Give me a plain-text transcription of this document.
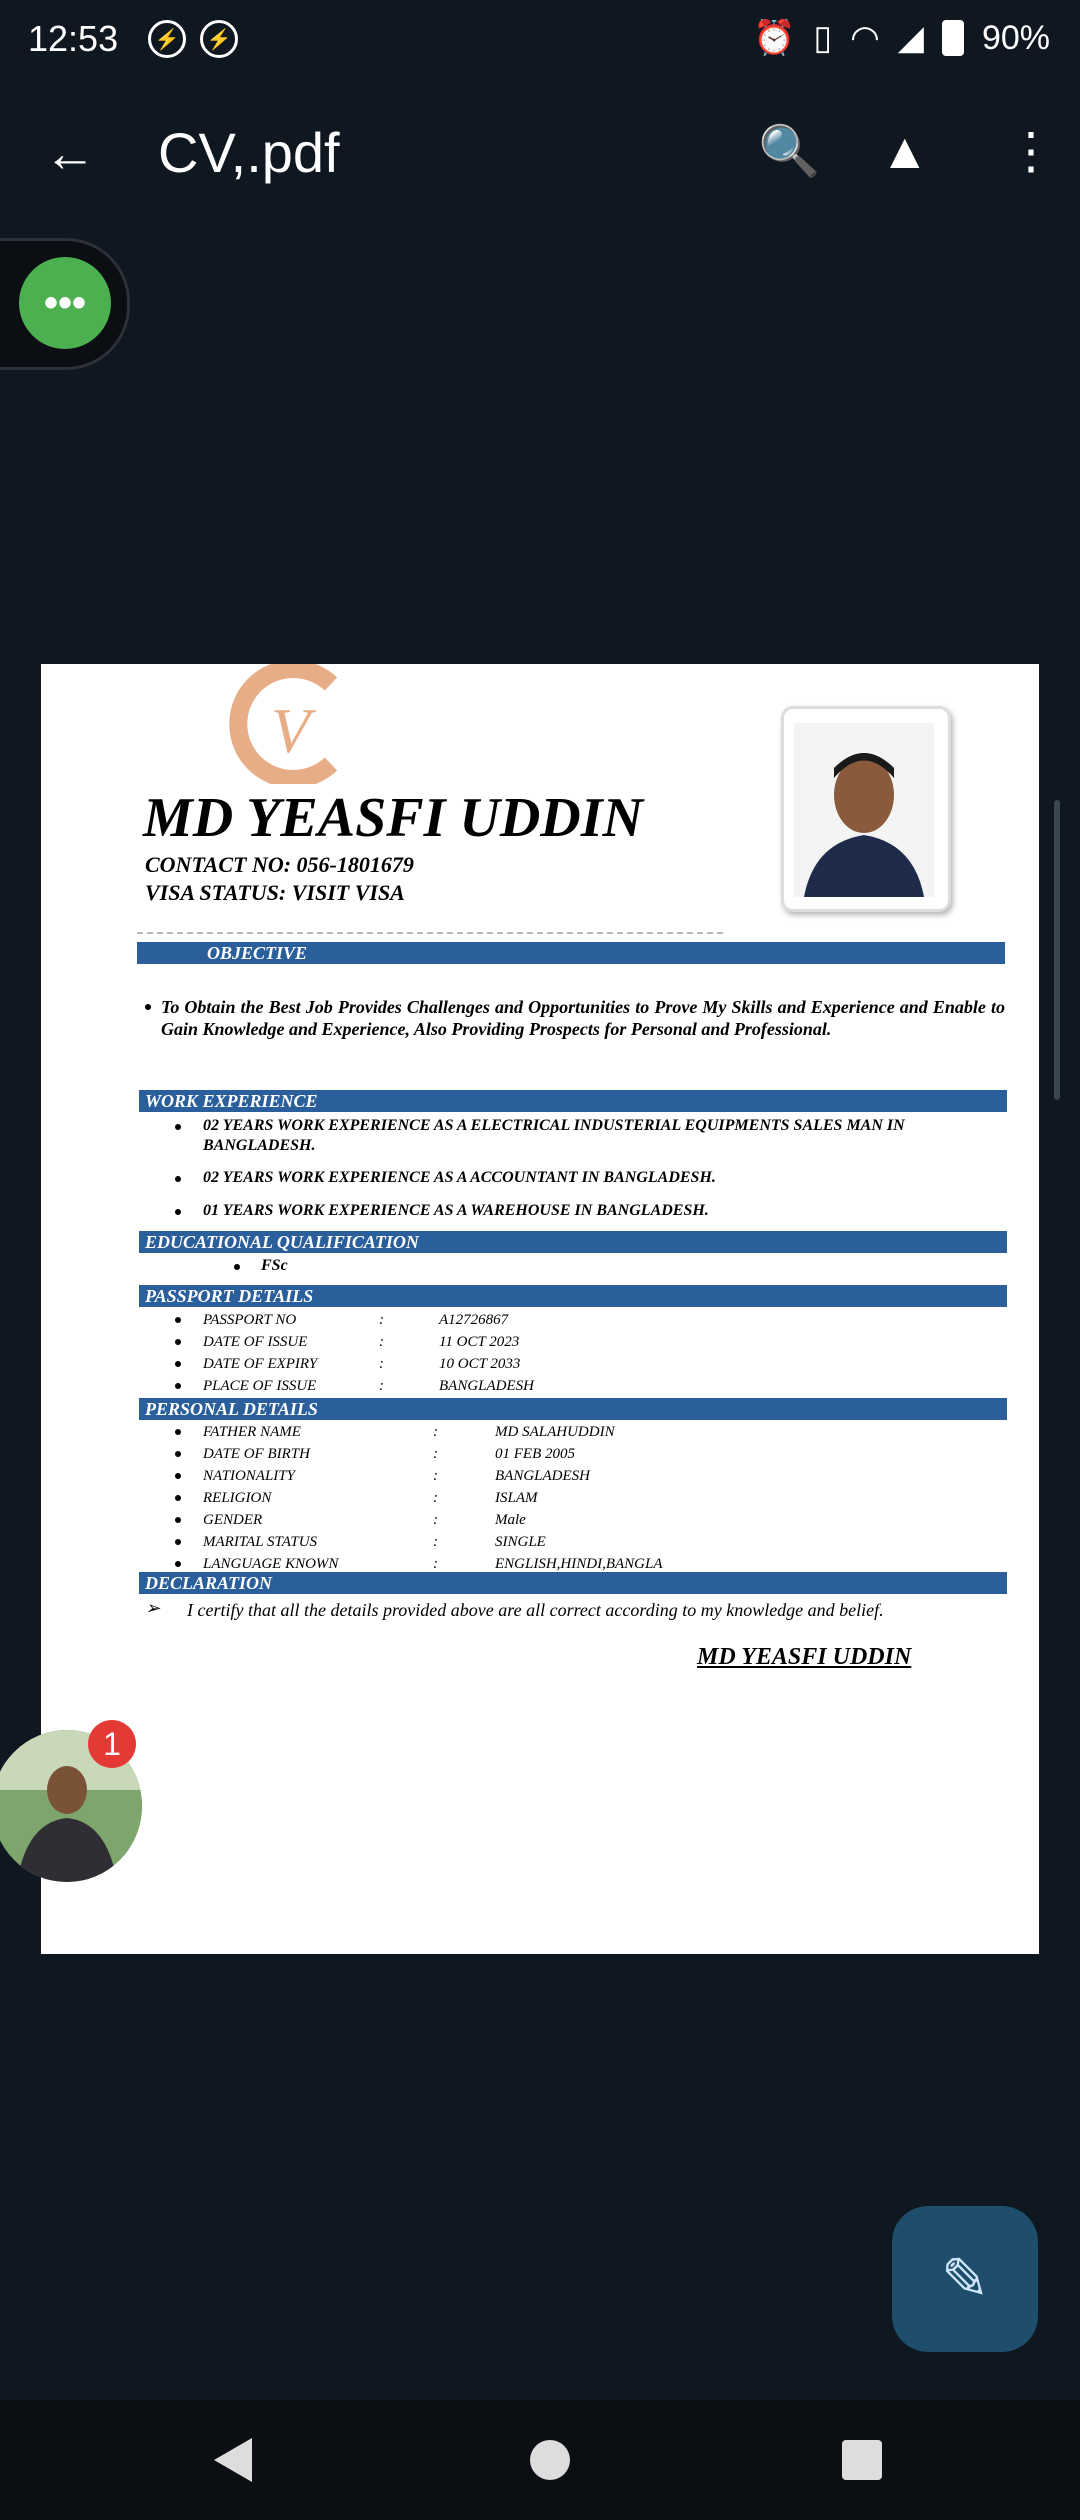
12:53	⚡	⚡	⏰ ▯ ◠ ◢ 90%
← CV,.pdf	🔍 ▲ ⋮
•••
V
MD YEASFI UDDIN
CONTACT NO: 056-1801679
VISA STATUS: VISIT VISA
OBJECTIVE
To Obtain the Best Job Provides Challenges and Opportunities to Prove My Skills and Experience and Enable to Gain Knowledge and Experience, Also Providing Prospects for Personal and Professional.
WORK EXPERIENCE
02 YEARS WORK EXPERIENCE AS A ELECTRICAL INDUSTERIAL EQUIPMENTS SALES MAN IN BANGLADESH.
02 YEARS WORK EXPERIENCE AS A ACCOUNTANT IN BANGLADESH.
01 YEARS WORK EXPERIENCE AS A WAREHOUSE IN BANGLADESH.
EDUCATIONAL QUALIFICATION
FSc
PASSPORT DETAILS
PASSPORT NO	:	A12726867
DATE OF ISSUE	:	11 OCT 2023
DATE OF EXPIRY	:	10 OCT 2033
PLACE OF ISSUE	:	BANGLADESH
PERSONAL DETAILS
FATHER NAME	:	MD SALAHUDDIN
DATE OF BIRTH	:	01 FEB 2005
NATIONALITY	:	BANGLADESH
RELIGION	:	ISLAM
GENDER	:	Male
MARITAL STATUS	:	SINGLE
LANGUAGE KNOWN	:	ENGLISH,HINDI,BANGLA
DECLARATION
➢ I certify that all the details provided above are all correct according to my knowledge and belief.
MD YEASFI UDDIN
1
✎
